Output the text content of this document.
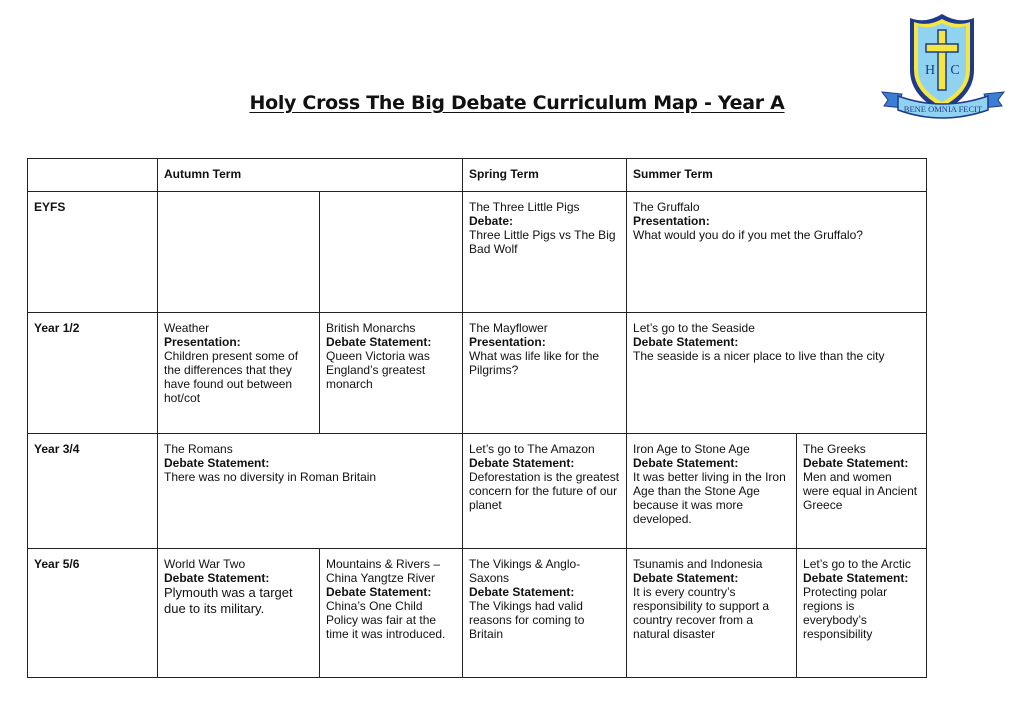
Holy Cross The Big Debate Curriculum Map - Year A
H C
BENE OMNIA FECIT
	Autumn Term		Spring Term	Summer Term	
EYFS			The Three Little Pigs
Debate:
Three Little Pigs vs The Big Bad Wolf	The Gruffalo
Presentation:
What would you do if you met the Gruffalo?	

Year 1/2	Weather
Presentation:
Children present some of the differences that they have found out between hot/cot	British Monarchs
Debate Statement:
Queen Victoria was England’s greatest monarch	The Mayflower
Presentation:
What was life like for the Pilgrims?	Let’s go to the Seaside
Debate Statement:
The seaside is a nicer place to live than the city	

Year 3/4	The Romans
Debate Statement:
There was no diversity in Roman Britain		Let’s go to The Amazon
Debate Statement:
Deforestation is the greatest concern for the future of our planet	Iron Age to Stone Age
Debate Statement:
It was better living in the Iron Age than the Stone Age because it was more developed.	The Greeks
Debate Statement:
Men and women were equal in Ancient Greece

Year 5/6	World War Two
Debate Statement:
Plymouth was a target due to its military.	Mountains & Rivers – China Yangtze River
Debate Statement:
China’s One Child Policy was fair at the time it was introduced.	The Vikings & Anglo-Saxons
Debate Statement:
The Vikings had valid reasons for coming to Britain	Tsunamis and Indonesia
Debate Statement:
It is every country’s responsibility to support a country recover from a natural disaster	Let’s go to the Arctic
Debate Statement:
Protecting polar regions is everybody’s responsibility
